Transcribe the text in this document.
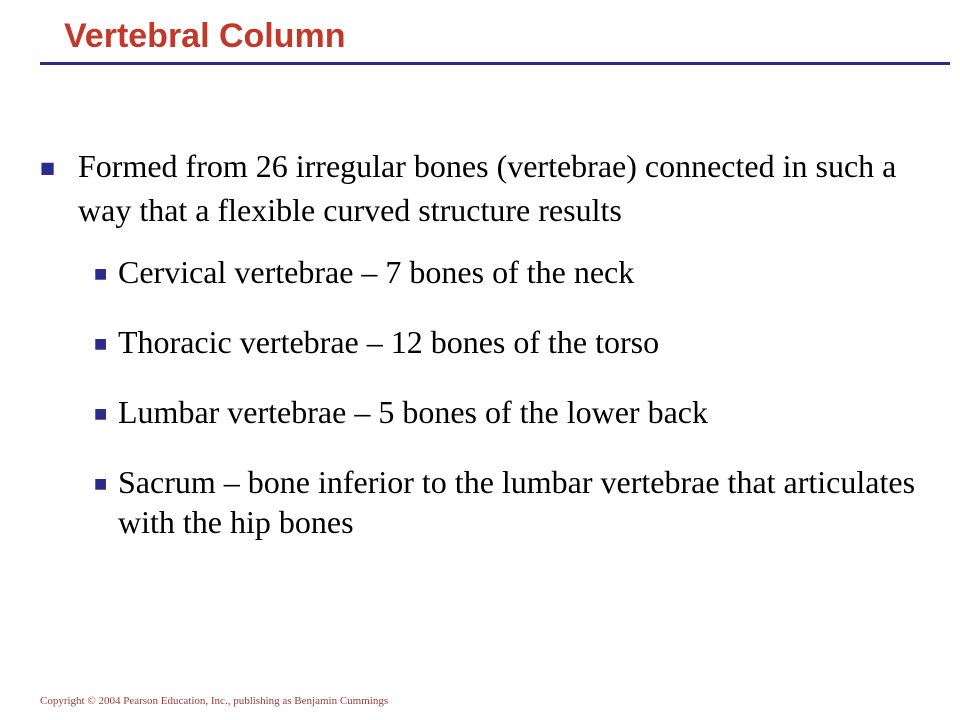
Vertebral Column
■ Formed from 26 irregular bones (vertebrae) connected in such a way that a flexible curved structure results
■ Cervical vertebrae – 7 bones of the neck
■ Thoracic vertebrae – 12 bones of the torso
■ Lumbar vertebrae – 5 bones of the lower back
■ Sacrum – bone inferior to the lumbar vertebrae that articulates with the hip bones
Copyright © 2004 Pearson Education, Inc., publishing as Benjamin Cummings
